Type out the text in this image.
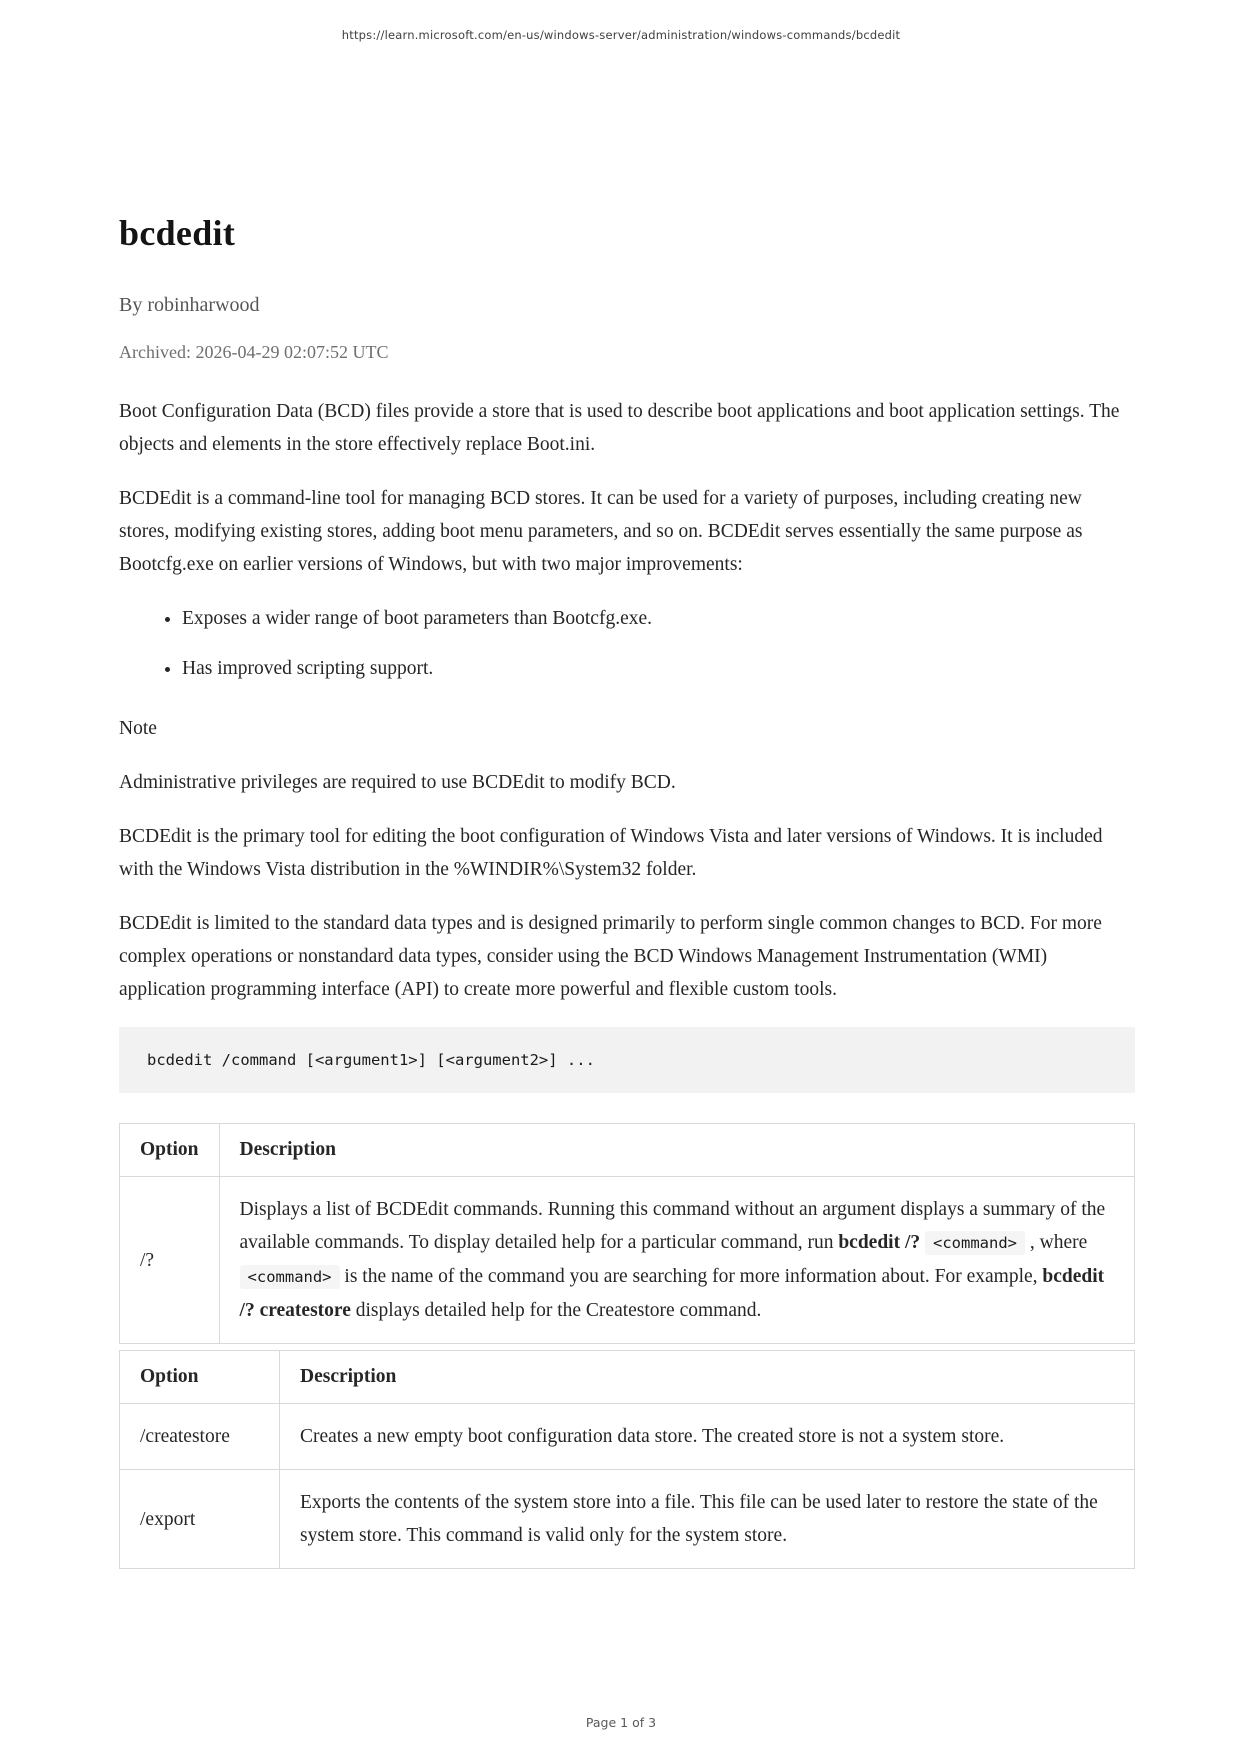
https://learn.microsoft.com/en-us/windows-server/administration/windows-commands/bcdedit
bcdedit
By robinharwood
Archived: 2026-04-29 02:07:52 UTC

Boot Configuration Data (BCD) files provide a store that is used to describe boot applications and boot application settings. The objects and elements in the store effectively replace Boot.ini.

BCDEdit is a command-line tool for managing BCD stores. It can be used for a variety of purposes, including creating new stores, modifying existing stores, adding boot menu parameters, and so on. BCDEdit serves essentially the same purpose as Bootcfg.exe on earlier versions of Windows, but with two major improvements:

• Exposes a wider range of boot parameters than Bootcfg.exe.
• Has improved scripting support.

Note

Administrative privileges are required to use BCDEdit to modify BCD.

BCDEdit is the primary tool for editing the boot configuration of Windows Vista and later versions of Windows. It is included with the Windows Vista distribution in the %WINDIR%\System32 folder.

BCDEdit is limited to the standard data types and is designed primarily to perform single common changes to BCD. For more complex operations or nonstandard data types, consider using the BCD Windows Management Instrumentation (WMI) application programming interface (API) to create more powerful and flexible custom tools.

bcdedit /command [<argument1>] [<argument2>] ...
Option	Description
/?	Displays a list of BCDEdit commands. Running this command without an argument displays a summary of the available commands. To display detailed help for a particular command, run bcdedit /? <command> , where <command> is the name of the command you are searching for more information about. For example, bcdedit /? createstore displays detailed help for the Createstore command.
Option	Description
/createstore	Creates a new empty boot configuration data store. The created store is not a system store.
/export	Exports the contents of the system store into a file. This file can be used later to restore the state of the system store. This command is valid only for the system store.
Page 1 of 3
